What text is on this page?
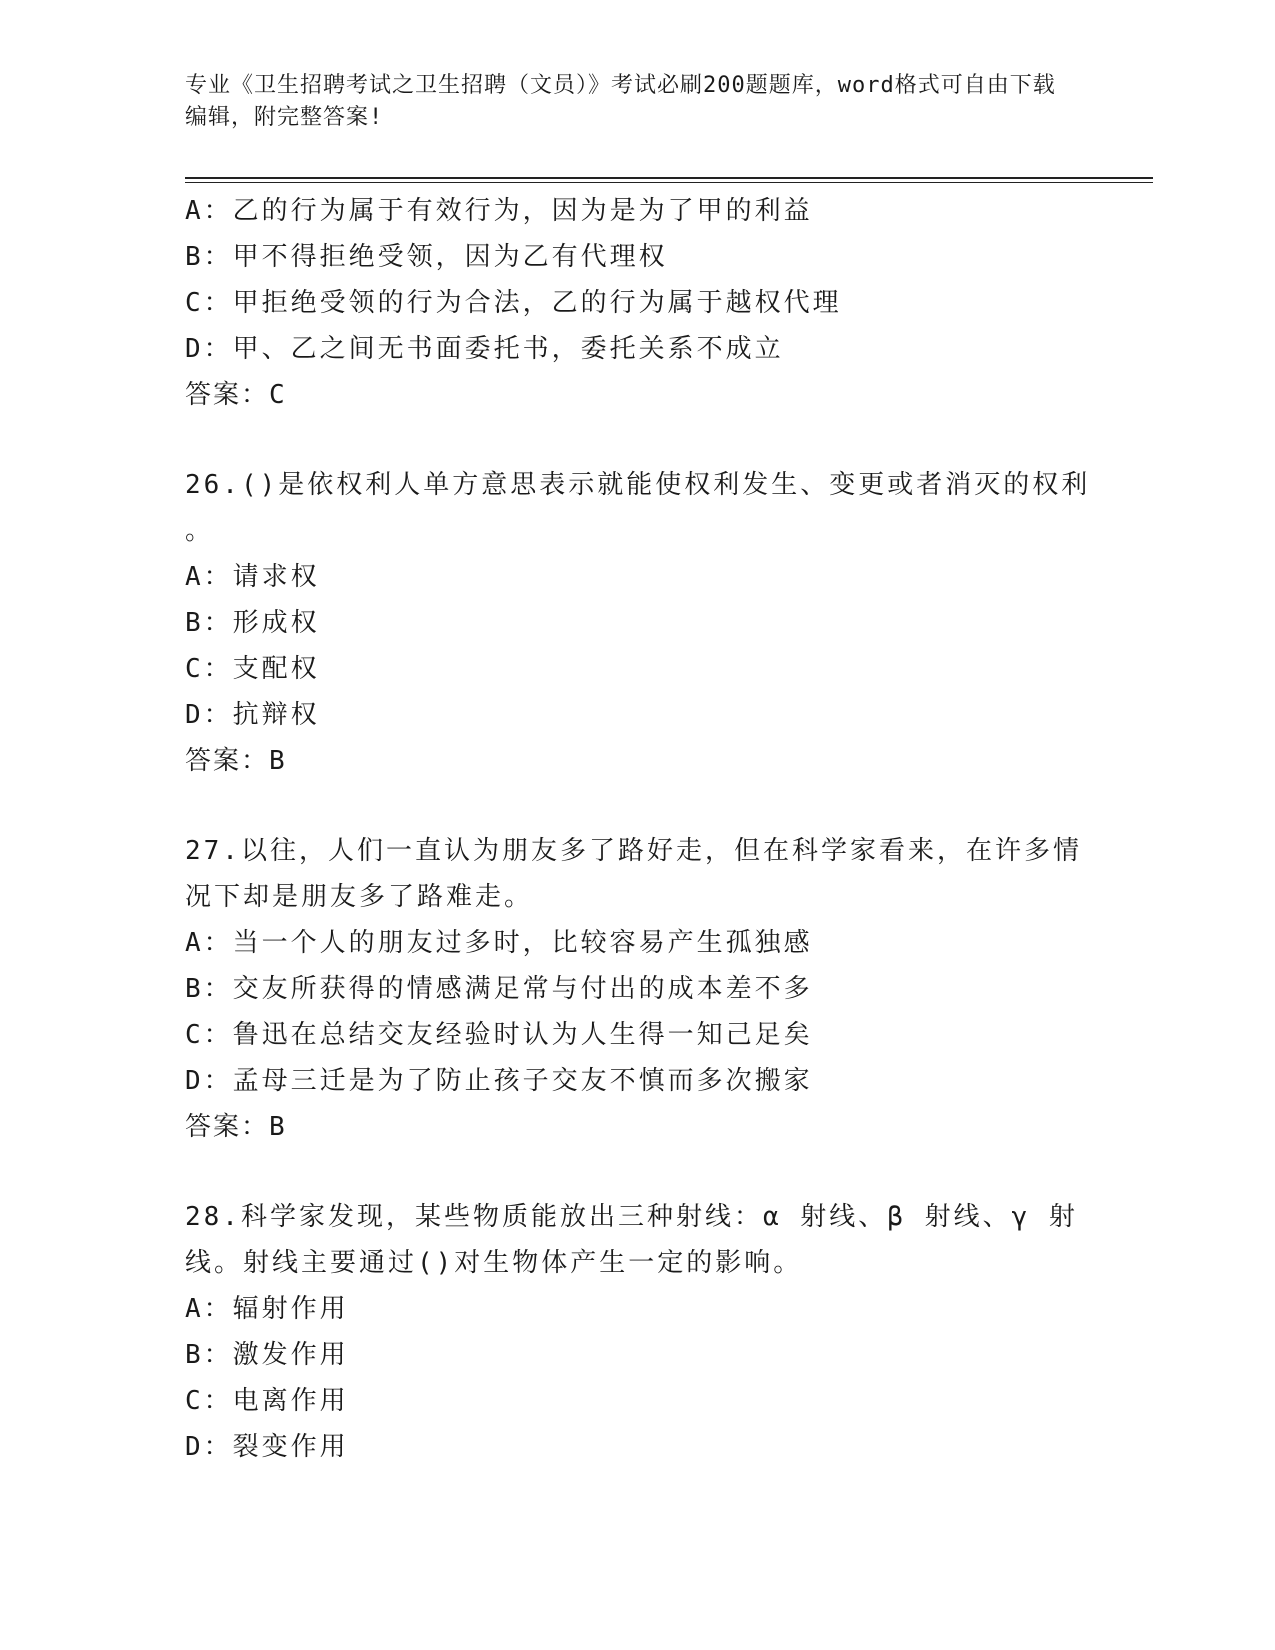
专业《卫生招聘考试之卫生招聘（文员）》考试必刷200题题库，word格式可自由下载编辑，附完整答案!
A：乙的行为属于有效行为，因为是为了甲的利益
B：甲不得拒绝受领，因为乙有代理权
C：甲拒绝受领的行为合法，乙的行为属于越权代理
D：甲、乙之间无书面委托书，委托关系不成立
答案：C
26.()是依权利人单方意思表示就能使权利发生、变更或者消灭的权利
。
A：请求权
B：形成权
C：支配权
D：抗辩权
答案：B
27.以往，人们一直认为朋友多了路好走，但在科学家看来，在许多情
况下却是朋友多了路难走。
A：当一个人的朋友过多时，比较容易产生孤独感
B：交友所获得的情感满足常与付出的成本差不多
C：鲁迅在总结交友经验时认为人生得一知己足矣
D：孟母三迁是为了防止孩子交友不慎而多次搬家
答案：B
28.科学家发现，某些物质能放出三种射线：α 射线、β 射线、γ 射
线。射线主要通过()对生物体产生一定的影响。
A：辐射作用
B：激发作用
C：电离作用
D：裂变作用
